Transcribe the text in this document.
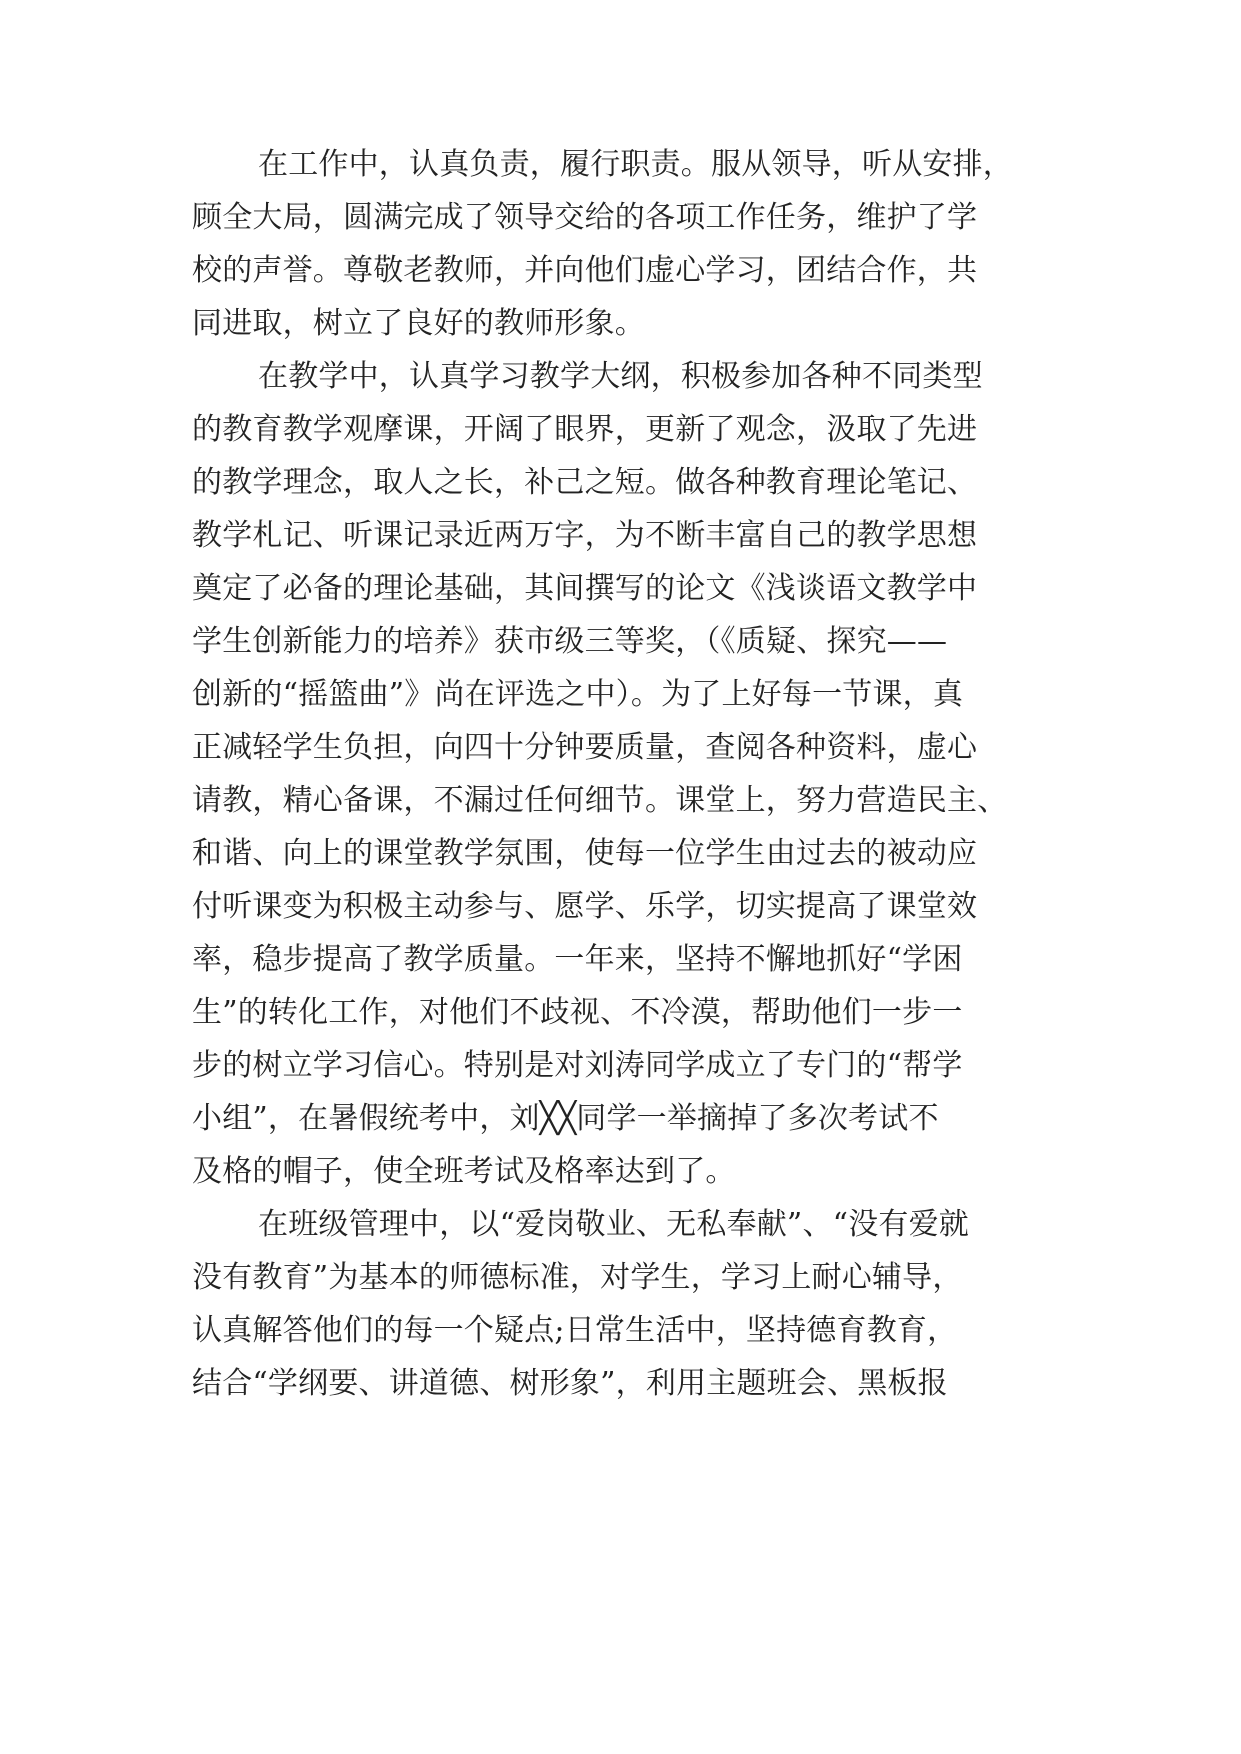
在工作中，认真负责，履行职责。服从领导，听从安排，
顾全大局，圆满完成了领导交给的各项工作任务，维护了学
校的声誉。尊敬老教师，并向他们虚心学习，团结合作，共
同进取，树立了良好的教师形象。
在教学中，认真学习教学大纲，积极参加各种不同类型
的教育教学观摩课，开阔了眼界，更新了观念，汲取了先进
的教学理念，取人之长，补己之短。做各种教育理论笔记、
教学札记、听课记录近两万字，为不断丰富自己的教学思想
奠定了必备的理论基础，其间撰写的论文《浅谈语文教学中
学生创新能力的培养》获市级三等奖，（《质疑、探究——
创新的“摇篮曲”》尚在评选之中）。为了上好每一节课，真
正减轻学生负担，向四十分钟要质量，查阅各种资料，虚心
请教，精心备课，不漏过任何细节。课堂上，努力营造民主、
和谐、向上的课堂教学氛围，使每一位学生由过去的被动应
付听课变为积极主动参与、愿学、乐学，切实提高了课堂效
率，稳步提高了教学质量。一年来，坚持不懈地抓好“学困
生”的转化工作，对他们不歧视、不冷漠，帮助他们一步一
步的树立学习信心。特别是对刘涛同学成立了专门的“帮学
小组”，在暑假统考中，刘╳╳同学一举摘掉了多次考试不
及格的帽子，使全班考试及格率达到了。
在班级管理中，以“爱岗敬业、无私奉献”、“没有爱就
没有教育”为基本的师德标准，对学生，学习上耐心辅导，
认真解答他们的每一个疑点;日常生活中，坚持德育教育，
结合“学纲要、讲道德、树形象”，利用主题班会、黑板报
